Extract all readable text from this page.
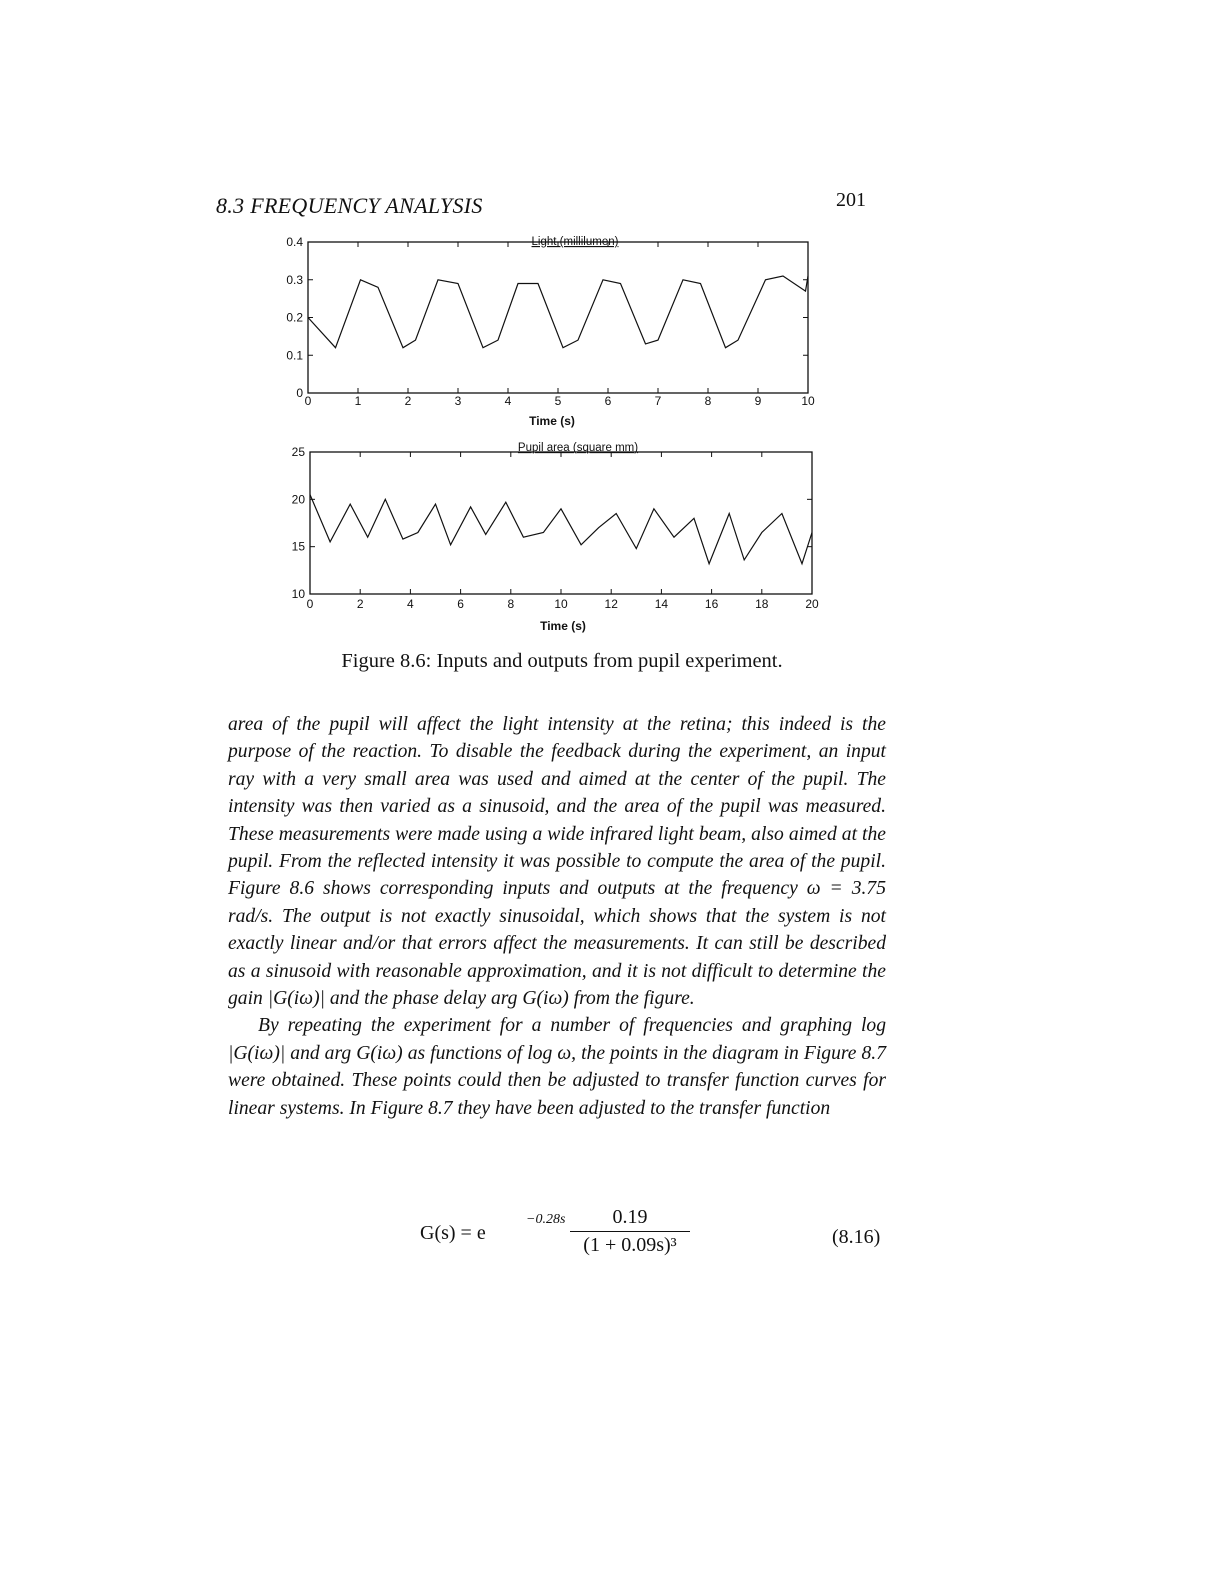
8.3 FREQUENCY ANALYSIS	201
0	1	2	3	4	5	6	7	8	9	10
0
0.1
0.2
0.3
0.4	Light (millilumen)
Time (s)
0	2	4	6	8	10	12	14	16	18	20
10
15
20
25	Pupil area (square mm)
Time (s)
Figure 8.6: Inputs and outputs from pupil experiment.

area of the pupil will affect the light intensity at the retina; this indeed is the purpose of the reaction. To disable the feedback during the experiment, an input ray with a very small area was used and aimed at the center of the pupil. The intensity was then varied as a sinusoid, and the area of the pupil was measured. These measurements were made using a wide infrared light beam, also aimed at the pupil. From the reflected intensity it was possible to compute the area of the pupil. Figure 8.6 shows corresponding inputs and outputs at the frequency ω = 3.75 rad/s. The output is not exactly sinusoidal, which shows that the system is not exactly linear and/or that errors affect the measurements. It can still be described as a sinusoid with reasonable approximation, and it is not difficult to determine the gain |G(iω)| and the phase delay arg G(iω) from the figure.

By repeating the experiment for a number of frequencies and graphing log |G(iω)| and arg G(iω) as functions of log ω, the points in the diagram in Figure 8.7 were obtained. These points could then be adjusted to transfer function curves for linear systems. In Figure 8.7 they have been adjusted to the transfer function

G(s) = e
$-0.28s \frac{0.19}{\text{(1 + 0.09s)³}}$	(8.16)
